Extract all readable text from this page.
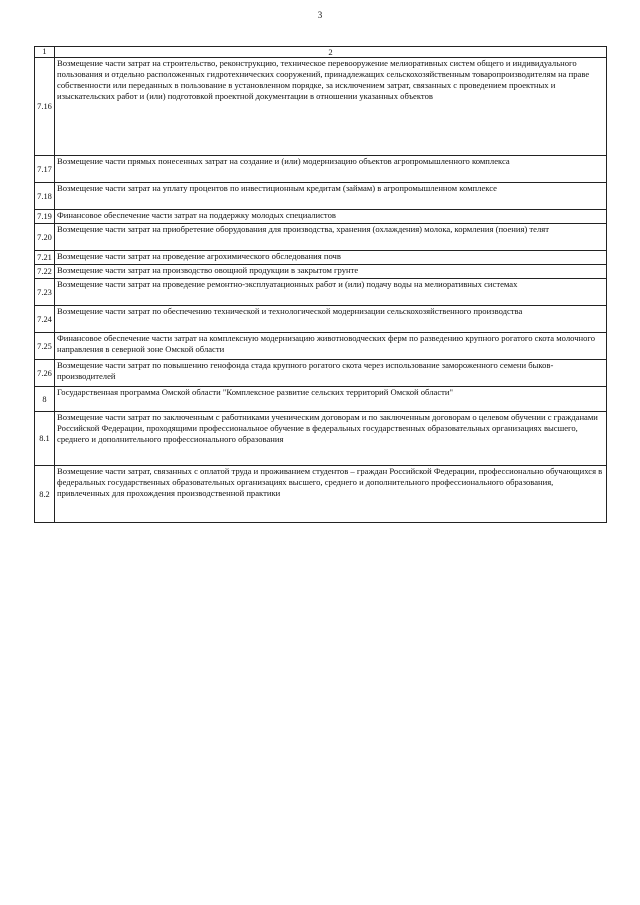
3
1	2
7.16	Возмещение части затрат на строительство, реконструкцию, техническое перевооружение мелиоративных систем общего и индивидуального пользования и отдельно расположенных гидротехнических сооружений, принадлежащих сельскохозяйственным товаропроизводителям на праве собственности или переданных в пользование в установленном порядке, за исключением затрат, связанных с проведением проектных и изыскательских работ и (или) подготовкой проектной документации в отношении указанных объектов
7.17	Возмещение части прямых понесенных затрат на создание и (или) модернизацию объектов агропромышленного комплекса
7.18	Возмещение части затрат на уплату процентов по инвестиционным кредитам (займам) в агропромышленном комплексе
7.19	Финансовое обеспечение части затрат на поддержку молодых специалистов
7.20	Возмещение части затрат на приобретение оборудования для производства, хранения (охлаждения) молока, кормления (поения) телят
7.21	Возмещение части затрат на проведение агрохимического обследования почв
7.22	Возмещение части затрат на производство овощной продукции в закрытом грунте
7.23	Возмещение части затрат на проведение ремонтно-эксплуатационных работ и (или) подачу воды на мелиоративных системах
7.24	Возмещение части затрат по обеспечению технической и технологической модернизации сельскохозяйственного производства
7.25	Финансовое обеспечение части затрат на комплексную модернизацию животноводческих ферм по разведению крупного рогатого скота молочного направления в северной зоне Омской области
7.26	Возмещение части затрат по повышению генофонда стада крупного рогатого скота через использование замороженного семени быков-производителей
8	Государственная программа Омской области "Комплексное развитие сельских территорий Омской области"
8.1	Возмещение части затрат по заключенным с работниками ученическим договорам и по заключенным договорам о целевом обучении с гражданами Российской Федерации, проходящими профессиональное обучение в федеральных государственных образовательных организациях высшего, среднего и дополнительного профессионального образования
8.2	Возмещение части затрат, связанных с оплатой труда и проживанием студентов – граждан Российской Федерации, профессионально обучающихся в федеральных государственных образовательных организациях высшего, среднего и дополнительного профессионального образования, привлеченных для прохождения производственной практики
